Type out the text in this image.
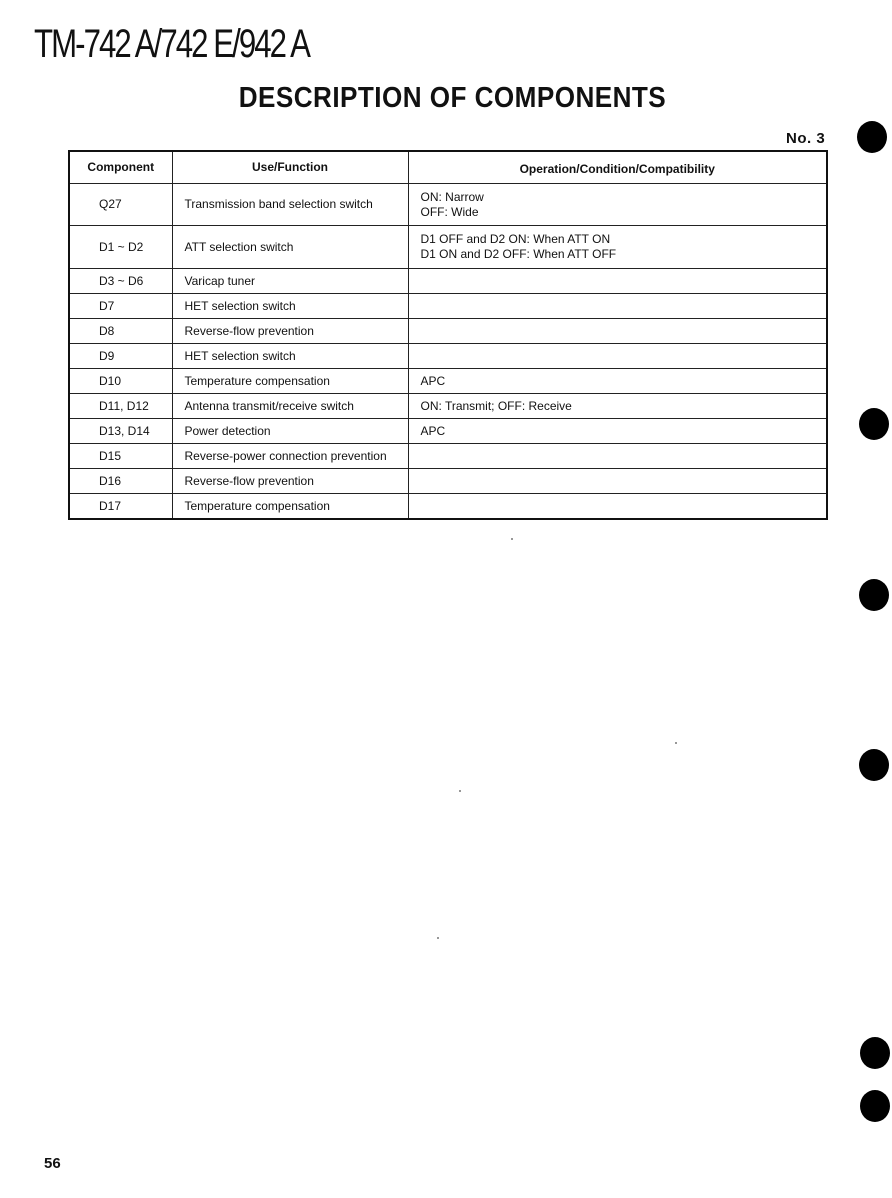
TM-742 A/742 E/942 A
DESCRIPTION OF COMPONENTS
No. 3
Component	Use/Function	Operation/Condition/Compatibility
Q27	Transmission band selection switch	ON: Narrow
OFF: Wide

D1 ~ D2	ATT selection switch	D1 OFF and D2 ON: When ATT ON
D1 ON and D2 OFF: When ATT OFF

D3 ~ D6	Varicap tuner	
D7	HET selection switch	
D8	Reverse-flow prevention	
D9	HET selection switch	
D10	Temperature compensation	APC

D11, D12	Antenna transmit/receive switch	ON: Transmit; OFF: Receive

D13, D14	Power detection	APC

D15	Reverse-power connection prevention	
D16	Reverse-flow prevention	
D17	Temperature compensation	
56
